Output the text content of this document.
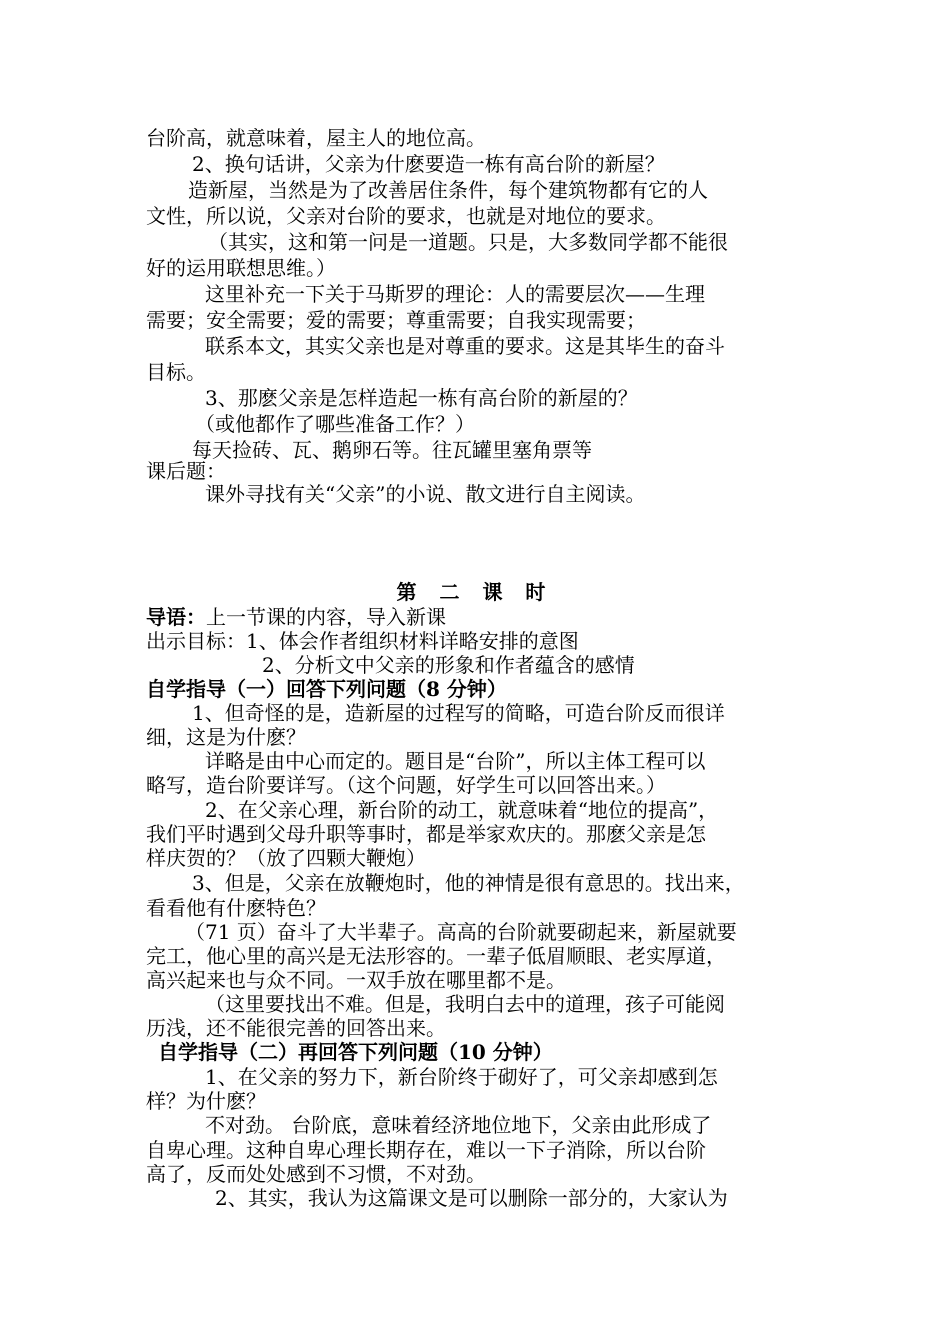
台阶高，就意味着，屋主人的地位高。
2、换句话讲，父亲为什麽要造一栋有高台阶的新屋？
造新屋，当然是为了改善居住条件，每个建筑物都有它的人
文性，所以说，父亲对台阶的要求，也就是对地位的要求。
（其实，这和第一问是一道题。只是，大多数同学都不能很
好的运用联想思维。）
这里补充一下关于马斯罗的理论：人的需要层次——生理
需要；安全需要；爱的需要；尊重需要；自我实现需要；
联系本文，其实父亲也是对尊重的要求。这是其毕生的奋斗
目标。
3、那麽父亲是怎样造起一栋有高台阶的新屋的？
（或他都作了哪些准备工作？）
每天捡砖、瓦、鹅卵石等。往瓦罐里塞角票等
课后题：
课外寻找有关“父亲”的小说、散文进行自主阅读。
第 二 课 时
导语：上一节课的内容，导入新课
出示目标：1、体会作者组织材料详略安排的意图
2、分析文中父亲的形象和作者蕴含的感情
自学指导（一）回答下列问题（8 分钟）
1、但奇怪的是，造新屋的过程写的简略，可造台阶反而很详
细，这是为什麽？
详略是由中心而定的。题目是“台阶”，所以主体工程可以
略写，造台阶要详写。（这个问题，好学生可以回答出来。）
2、在父亲心理，新台阶的动工，就意味着“地位的提高”，
我们平时遇到父母升职等事时，都是举家欢庆的。那麽父亲是怎
样庆贺的？（放了四颗大鞭炮）
3、但是，父亲在放鞭炮时，他的神情是很有意思的。找出来，
看看他有什麽特色？
（71 页）奋斗了大半辈子。高高的台阶就要砌起来，新屋就要
完工，他心里的高兴是无法形容的。一辈子低眉顺眼、老实厚道，
高兴起来也与众不同。一双手放在哪里都不是。
（这里要找出不难。但是，我明白去中的道理，孩子可能阅
历浅，还不能很完善的回答出来。
自学指导（二）再回答下列问题（10 分钟）
1、在父亲的努力下，新台阶终于砌好了，可父亲却感到怎
样？为什麽？
不对劲。 台阶底，意味着经济地位地下，父亲由此形成了
自卑心理。这种自卑心理长期存在，难以一下子消除，所以台阶
高了，反而处处感到不习惯，不对劲。
2、其实，我认为这篇课文是可以删除一部分的，大家认为
